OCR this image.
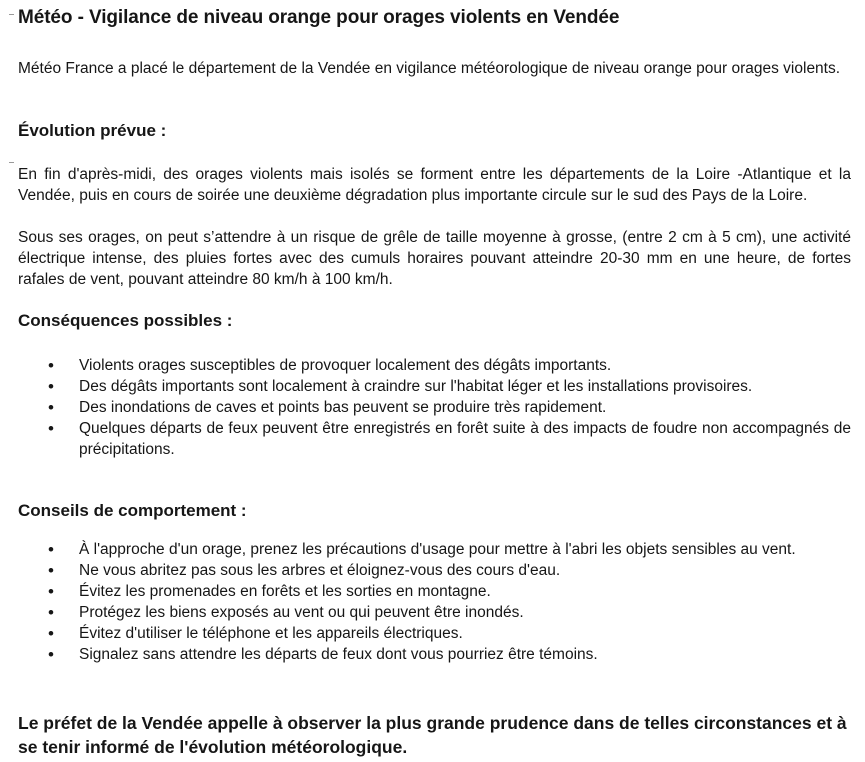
Météo - Vigilance de niveau orange pour orages violents en Vendée

Météo France a placé le département de la Vendée en vigilance météorologique de niveau orange pour orages violents.

Évolution prévue :

En fin d'après-midi, des orages violents mais isolés se forment entre les départements de la Loire -Atlantique et la Vendée, puis en cours de soirée une deuxième dégradation plus importante circule sur le sud des Pays de la Loire.

Sous ses orages, on peut s’attendre à un risque de grêle de taille moyenne à grosse, (entre 2 cm à 5 cm), une activité électrique intense, des pluies fortes avec des cumuls horaires pouvant atteindre 20-30 mm en une heure, de fortes rafales de vent, pouvant atteindre 80 km/h à 100 km/h.

Conséquences possibles :
• Violents orages susceptibles de provoquer localement des dégâts importants.
• Des dégâts importants sont localement à craindre sur l'habitat léger et les installations provisoires.
• Des inondations de caves et points bas peuvent se produire très rapidement.
• Quelques départs de feux peuvent être enregistrés en forêt suite à des impacts de foudre non accompagnés de précipitations.
Conseils de comportement :
• À l'approche d'un orage, prenez les précautions d'usage pour mettre à l'abri les objets sensibles au vent.
• Ne vous abritez pas sous les arbres et éloignez-vous des cours d'eau.
• Évitez les promenades en forêts et les sorties en montagne.
• Protégez les biens exposés au vent ou qui peuvent être inondés.
• Évitez d'utiliser le téléphone et les appareils électriques.
• Signalez sans attendre les départs de feux dont vous pourriez être témoins.

Le préfet de la Vendée appelle à observer la plus grande prudence dans de telles circonstances et à se tenir informé de l'évolution météorologique.
